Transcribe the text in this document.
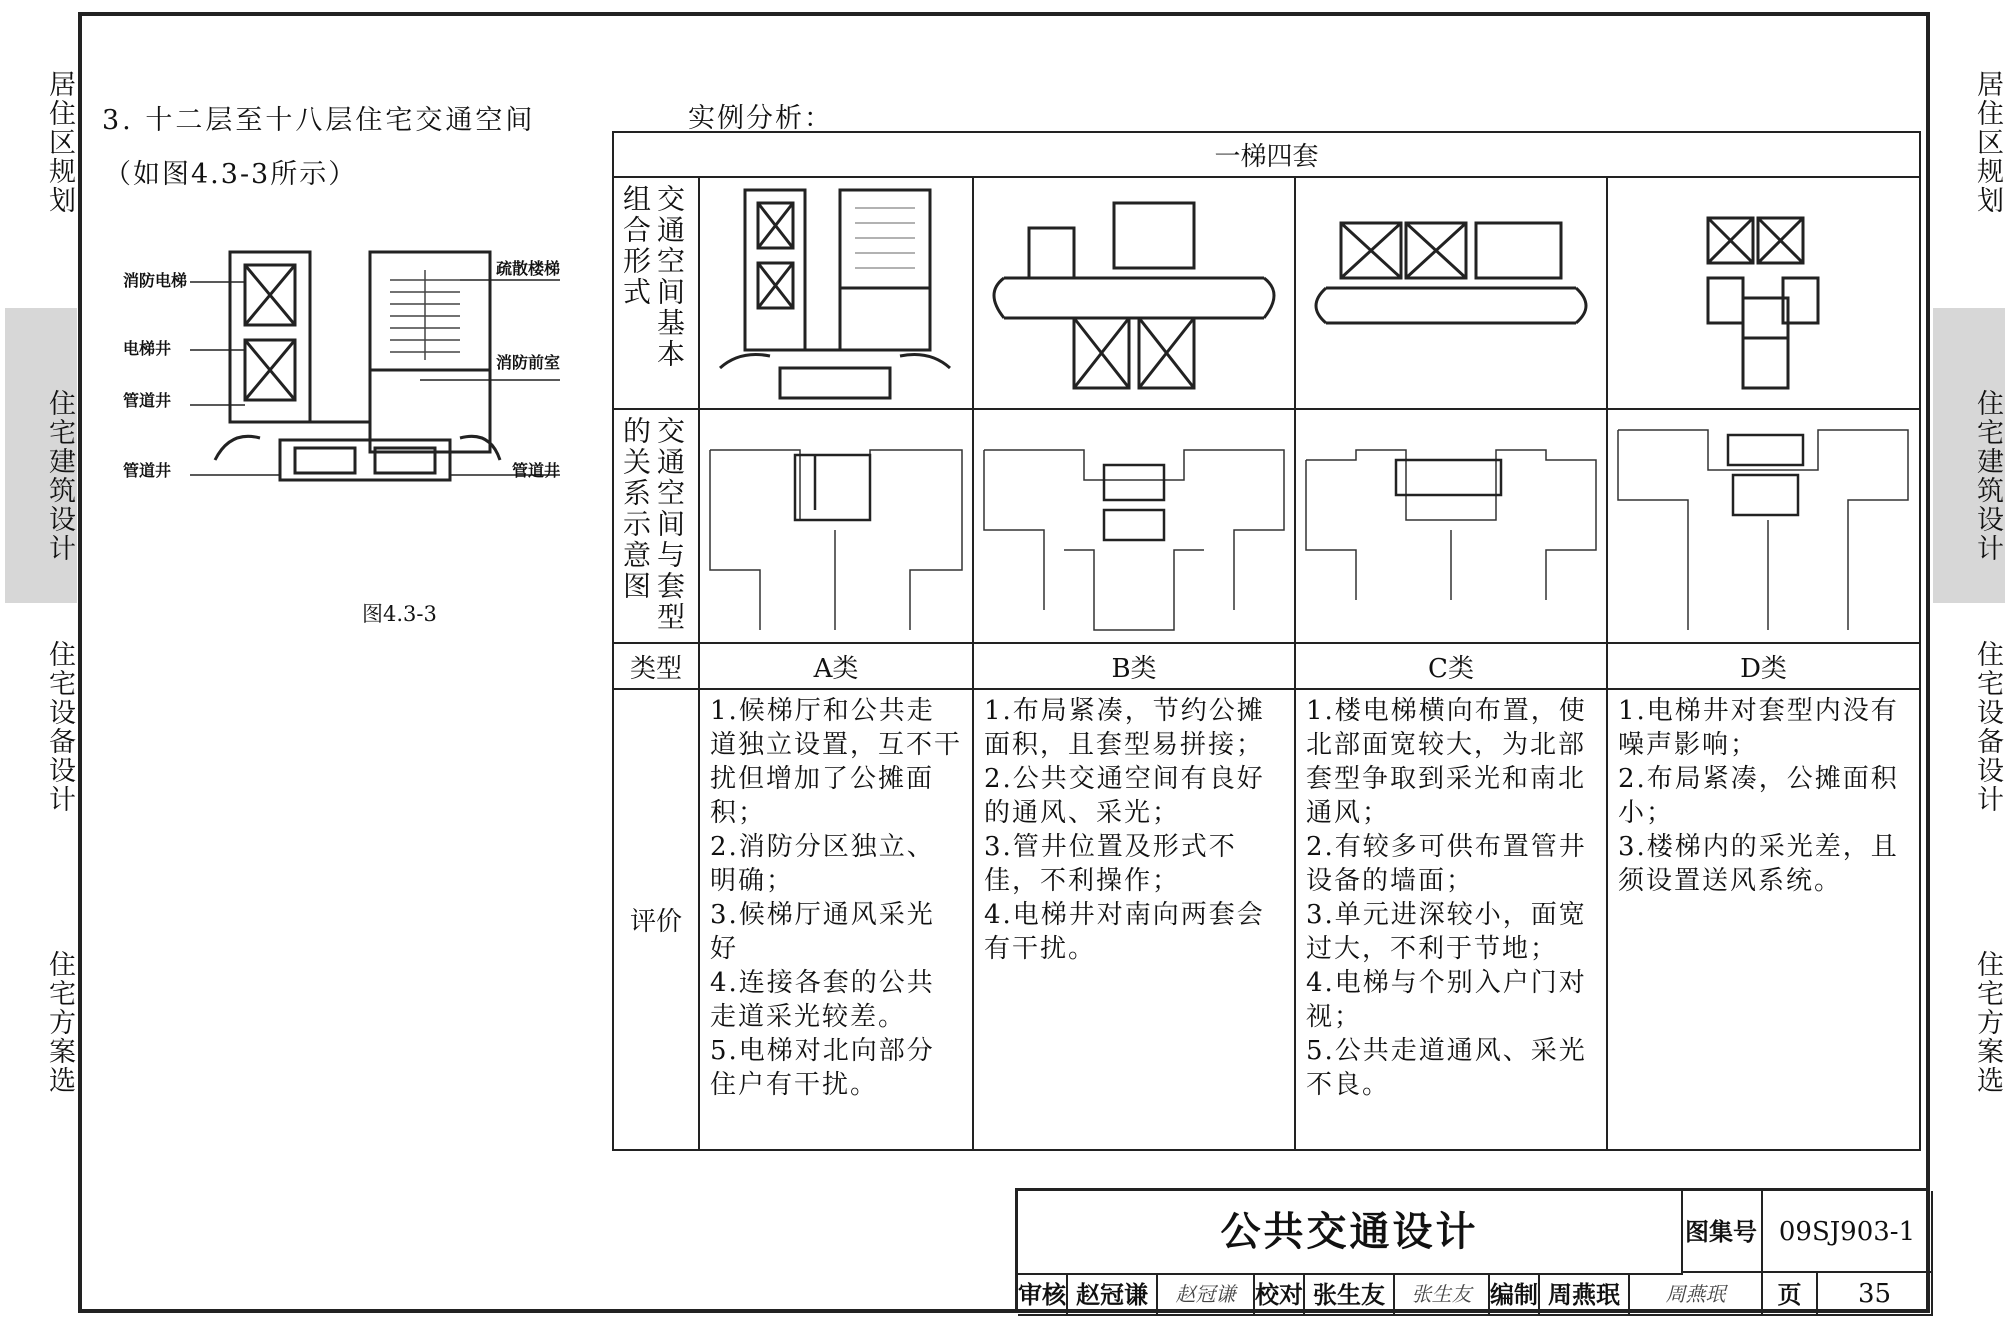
居住区规划
住宅建筑设计
住宅设备设计
住宅方案选
居住区规划
住宅建筑设计
住宅设备设计
住宅方案选
3. 十二层至十八层住宅交通空间
（如图4.3-3所示）
消防电梯
电梯井
管道井
管道井	管道井
疏散楼梯
消防前室
图4.3-3
实例分析：
一梯四套				

交通空间基本组合形式

交通空间与套型的关系示意图

类型	A类	B类	C类	D类
评价	1.候梯厅和公共走道独立设置，互不干扰但增加了公摊面积；
2.消防分区独立、明确；
3.候梯厅通风采光好
4.连接各套的公共走道采光较差。
5.电梯对北向部分住户有干扰。	1.布局紧凑，节约公摊面积，且套型易拼接；
2.公共交通空间有良好的通风、采光；
3.管井位置及形式不佳，不利操作；
4.电梯井对南向两套会有干扰。	1.楼电梯横向布置，使北部面宽较大，为北部套型争取到采光和南北通风；
2.有较多可供布置管井设备的墙面；
3.单元进深较小，面宽过大，不利于节地；
4.电梯与个别入户门对视；
5.公共走道通风、采光不良。	1.电梯井对套型内没有噪声影响；
2.布局紧凑，公摊面积小；
3.楼梯内的采光差，且须设置送风系统。
公共交通设计	图集号 09SJ903-1
审核 赵冠谦	赵冠谦 校对 张生友	张生友 编制 周燕珉	周燕珉	页	35
